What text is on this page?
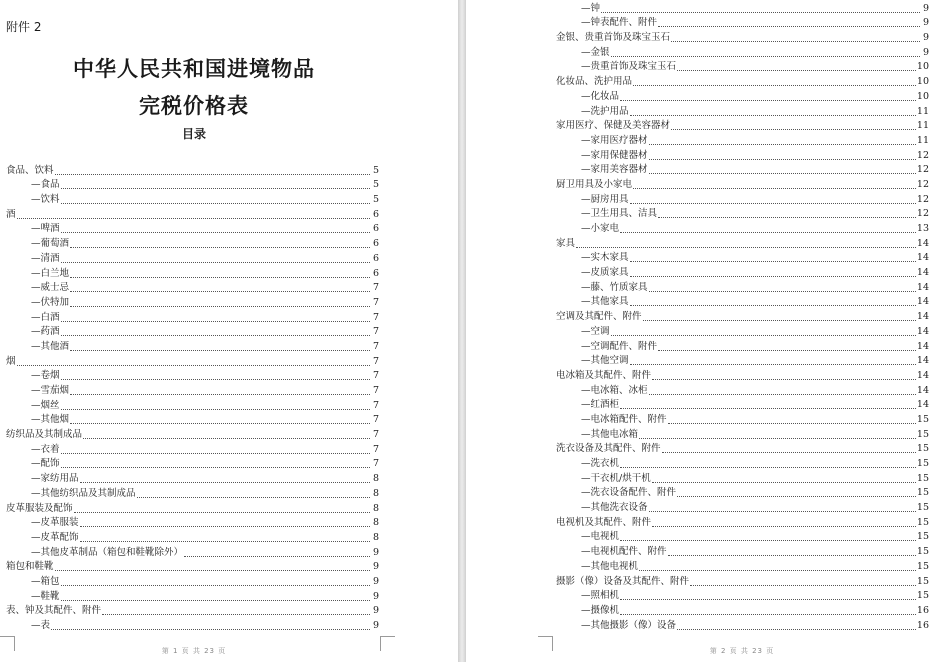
附件 2
中华人民共和国进境物品
完税价格表
目录
食品、饮料	5
—食品	5
—饮料	5
酒	6
—啤酒	6
—葡萄酒	6
—清酒	6
—白兰地	6
—威士忌	7
—伏特加	7
—白酒	7
—药酒	7
—其他酒	7
烟	7
—卷烟	7
—雪茄烟	7
—烟丝	7
—其他烟	7
纺织品及其制成品	7
—衣着	7
—配饰	7
—家纺用品	8
—其他纺织品及其制成品	8
皮革服装及配饰	8
—皮革服装	8
—皮革配饰	8
—其他皮革制品（箱包和鞋靴除外）	9
箱包和鞋靴	9
—箱包	9
—鞋靴	9
表、钟及其配件、附件	9
—表	9
第 1 页 共 23 页
—钟	9
—钟表配件、附件	9
金银、贵重首饰及珠宝玉石	9
—金银	9
—贵重首饰及珠宝玉石	10
化妆品、洗护用品	10
—化妆品	10
—洗护用品	11
家用医疗、保健及美容器材	11
—家用医疗器材	11
—家用保健器材	12
—家用美容器材	12
厨卫用具及小家电	12
—厨房用具	12
—卫生用具、洁具	12
—小家电	13
家具	14
—实木家具	14
—皮质家具	14
—藤、竹质家具	14
—其他家具	14
空调及其配件、附件	14
—空调	14
—空调配件、附件	14
—其他空调	14
电冰箱及其配件、附件	14
—电冰箱、冰柜	14
—红酒柜	14
—电冰箱配件、附件	15
—其他电冰箱	15
洗衣设备及其配件、附件	15
—洗衣机	15
—干衣机/烘干机	15
—洗衣设备配件、附件	15
—其他洗衣设备	15
电视机及其配件、附件	15
—电视机	15
—电视机配件、附件	15
—其他电视机	15
摄影（像）设备及其配件、附件	15
—照相机	15
—摄像机	16
—其他摄影（像）设备	16
第 2 页 共 23 页
